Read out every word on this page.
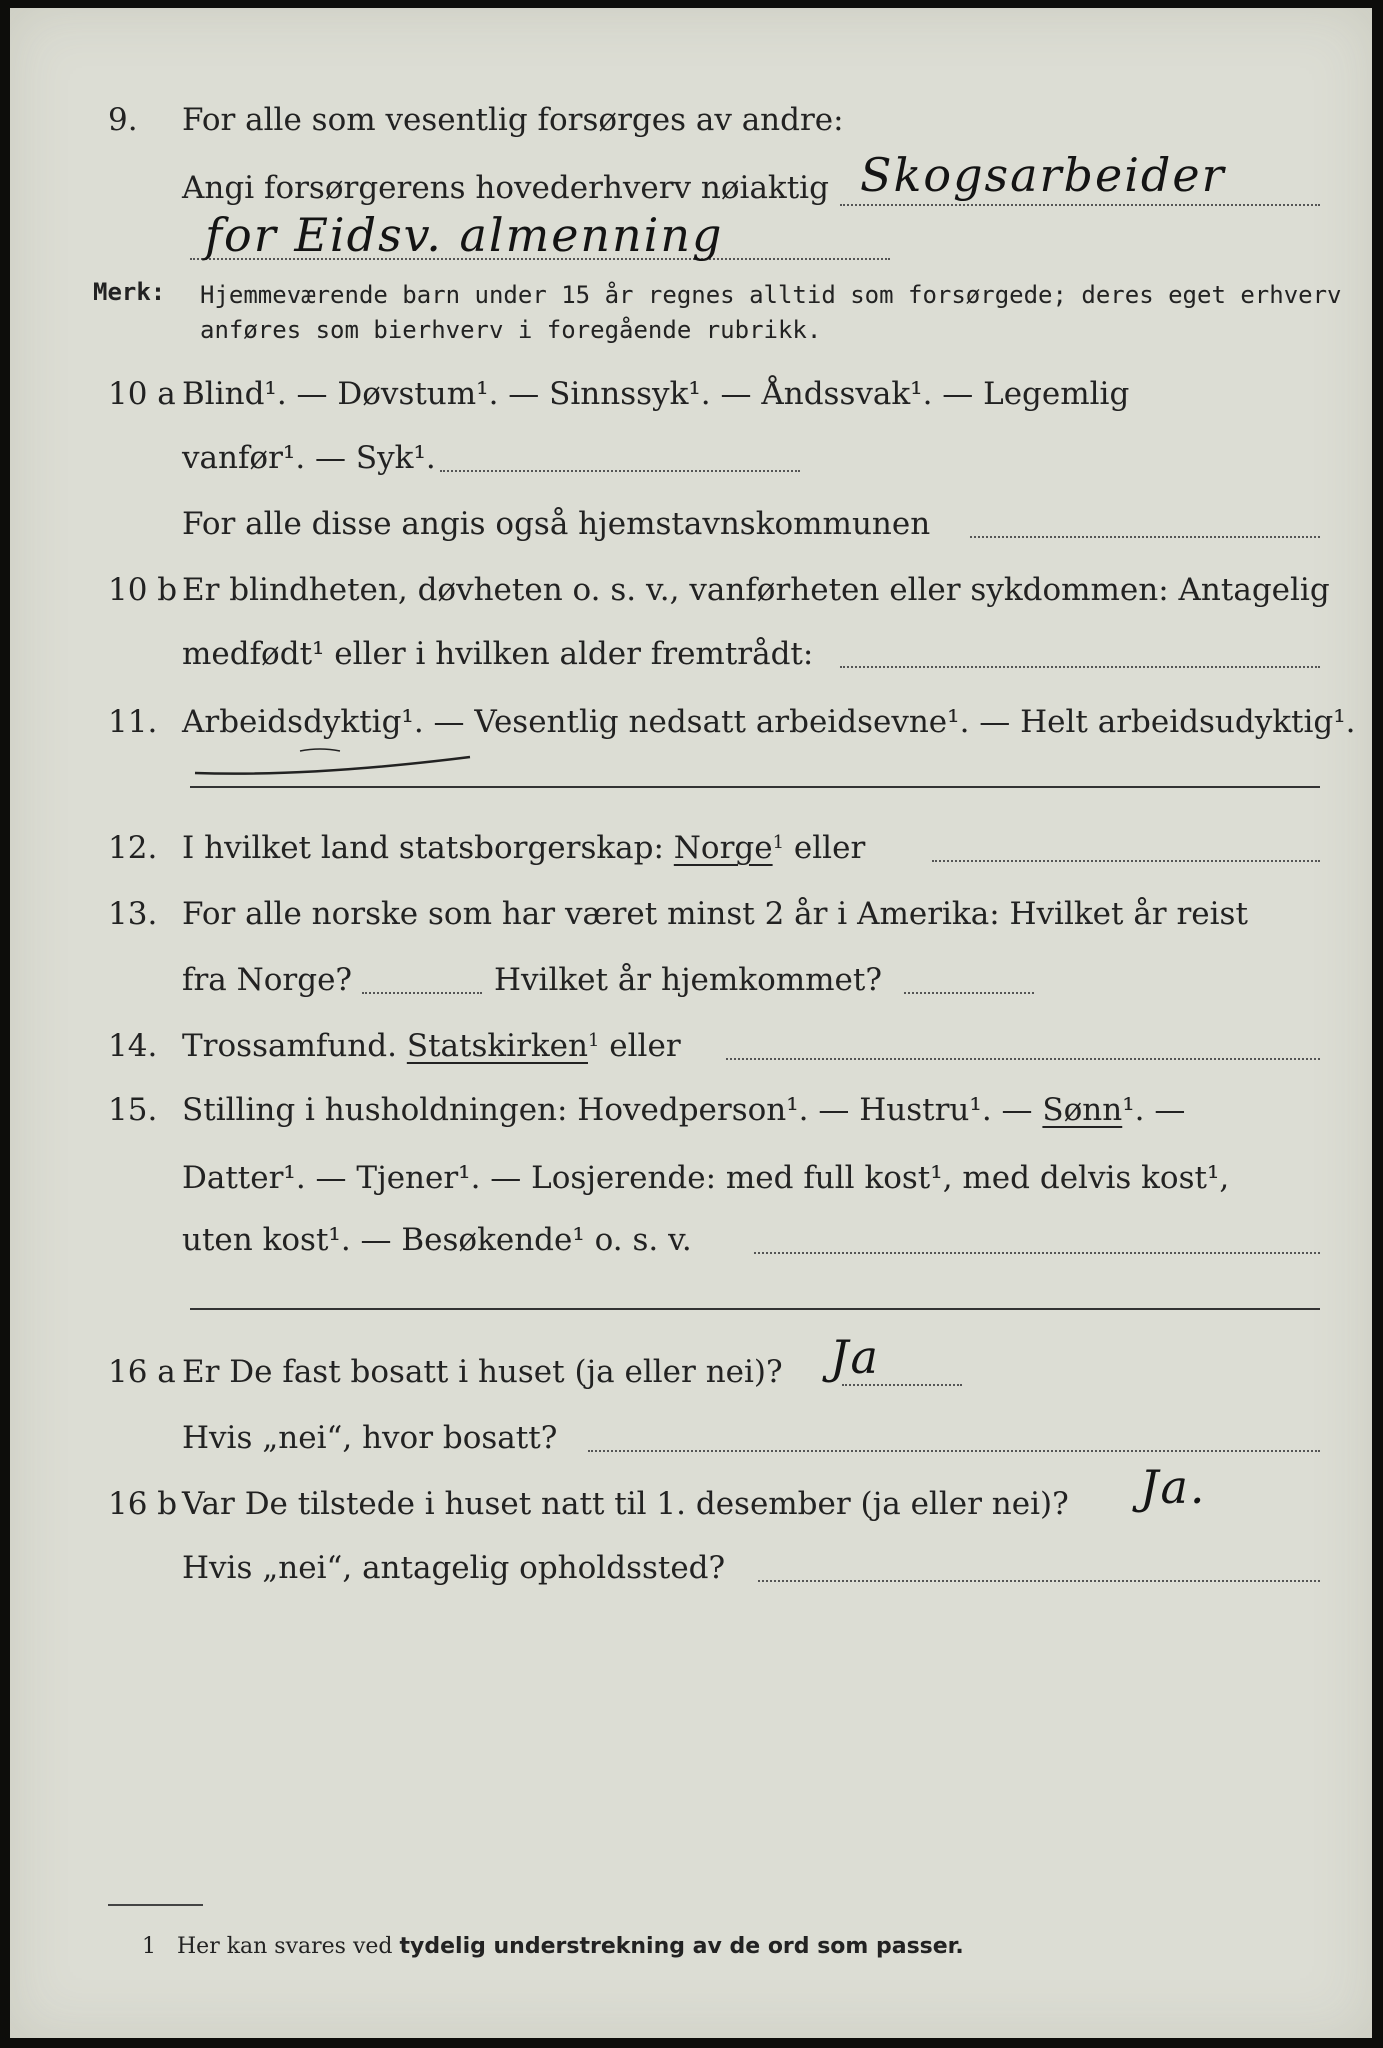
9. For alle som vesentlig forsørges av andre:
Angi forsørgerens hovederhverv nøiaktig Skogsarbeider
for Eidsv. almenning
Merk: Hjemmeværende barn under 15 år regnes alltid som forsørgede; deres eget erhverv
anføres som bierhverv i foregående rubrikk.
10 a Blind¹. — Døvstum¹. — Sinnssyk¹. — Åndssvak¹. — Legemlig
vanfør¹. — Syk¹.
For alle disse angis også hjemstavnskommunen
10 b Er blindheten, døvheten o. s. v., vanførheten eller sykdommen: Antagelig
medfødt¹ eller i hvilken alder fremtrådt:
11. Arbeidsdyktig¹. — Vesentlig nedsatt arbeidsevne¹. — Helt arbeidsudyktig¹.
12. I hvilket land statsborgerskap: Norge$^1$ eller
13. For alle norske som har været minst 2 år i Amerika: Hvilket år reist
fra Norge?	Hvilket år hjemkommet?
14. Trossamfund. Statskirken$^1$ eller
15. Stilling i husholdningen: Hovedperson¹. — Hustru¹. — Sønn¹. —
Datter¹. — Tjener¹. — Losjerende: med full kost¹, med delvis kost¹,
uten kost¹. — Besøkende¹ o. s. v.
16 a Er De fast bosatt i huset (ja eller nei)? Ja
Hvis „nei“, hvor bosatt?
16 b Var De tilstede i huset natt til 1. desember (ja eller nei)? Ja.
Hvis „nei“, antagelig opholdssted?
1 Her kan svares ved tydelig understrekning av de ord som passer.
